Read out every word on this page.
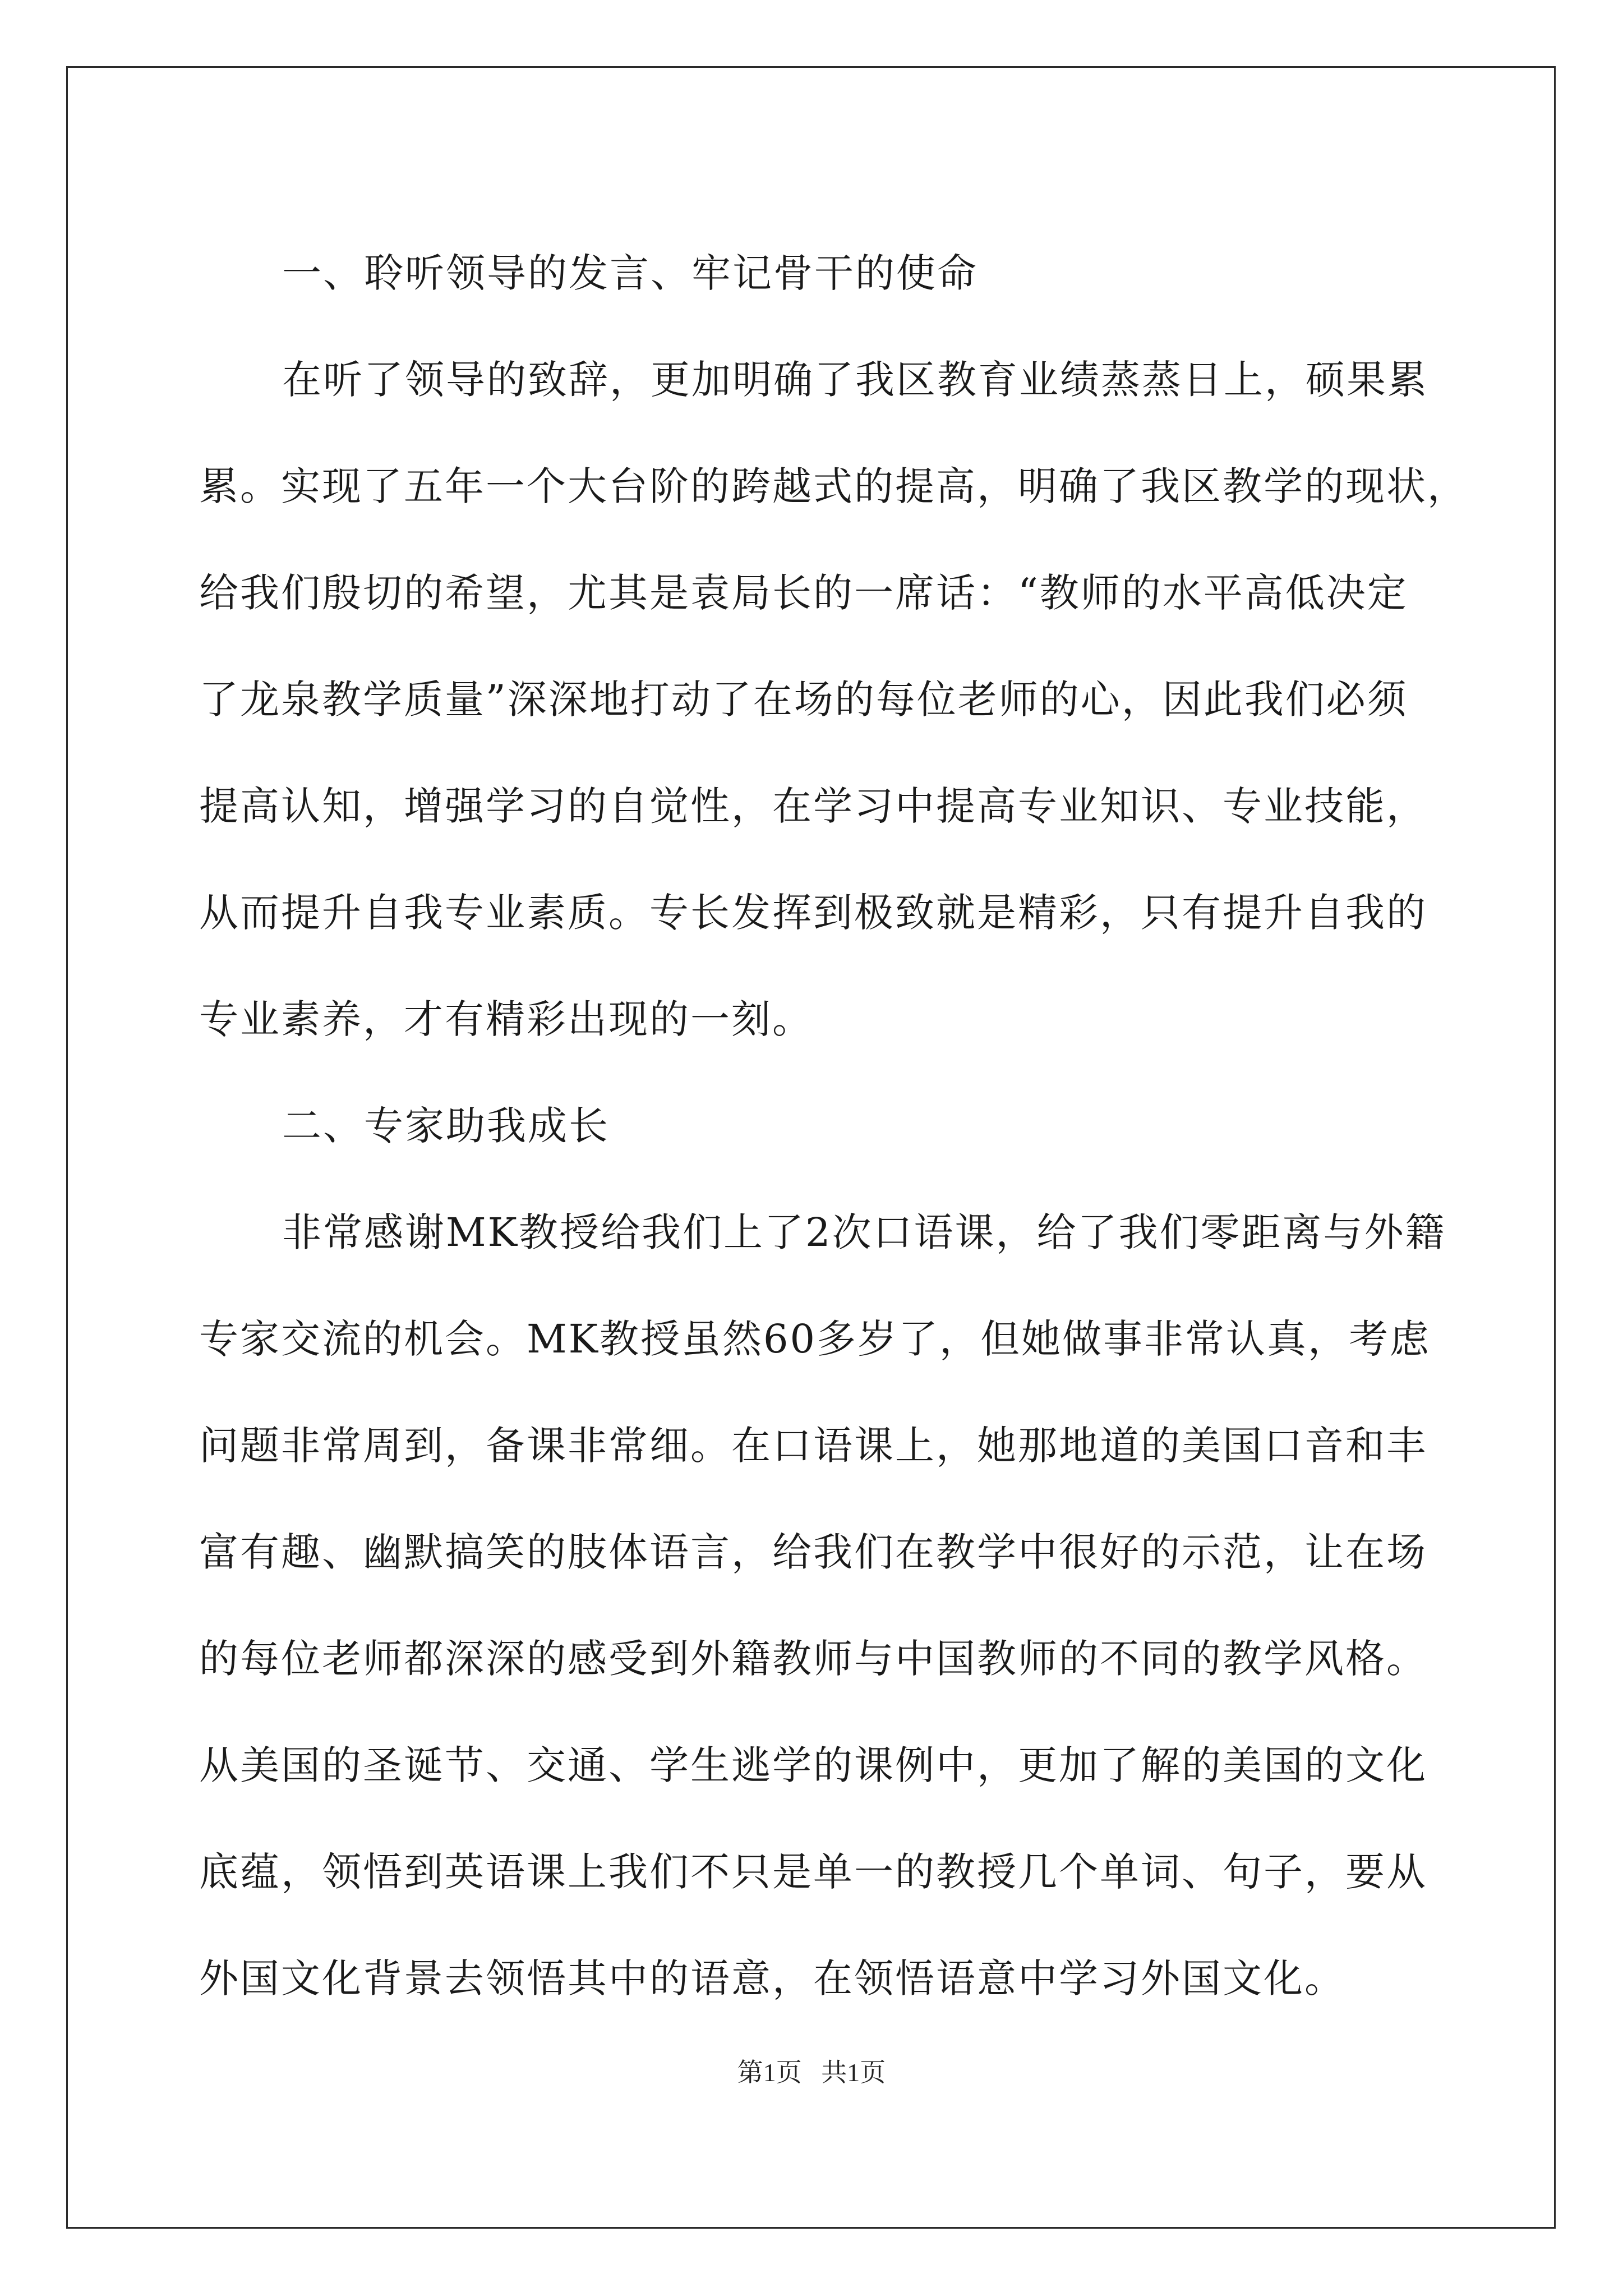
一、聆听领导的发言、牢记骨干的使命
在听了领导的致辞，更加明确了我区教育业绩蒸蒸日上，硕果累
累。实现了五年一个大台阶的跨越式的提高，明确了我区教学的现状，
给我们殷切的希望，尤其是袁局长的一席话：“教师的水平高低决定
了龙泉教学质量”深深地打动了在场的每位老师的心，因此我们必须
提高认知，增强学习的自觉性，在学习中提高专业知识、专业技能，
从而提升自我专业素质。专长发挥到极致就是精彩，只有提升自我的
专业素养，才有精彩出现的一刻。
二、专家助我成长
非常感谢MK教授给我们上了2次口语课，给了我们零距离与外籍
专家交流的机会。MK教授虽然60多岁了，但她做事非常认真，考虑
问题非常周到，备课非常细。在口语课上，她那地道的美国口音和丰
富有趣、幽默搞笑的肢体语言，给我们在教学中很好的示范，让在场
的每位老师都深深的感受到外籍教师与中国教师的不同的教学风格。
从美国的圣诞节、交通、学生逃学的课例中，更加了解的美国的文化
底蕴，领悟到英语课上我们不只是单一的教授几个单词、句子，要从
外国文化背景去领悟其中的语意，在领悟语意中学习外国文化。
第1页   共1页
